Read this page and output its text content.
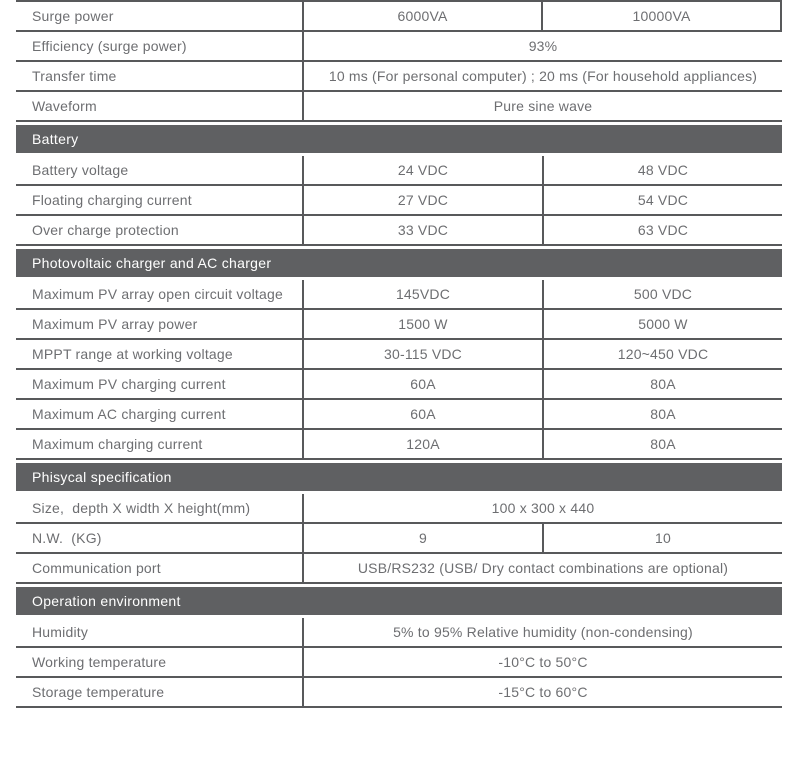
Surge power	6000VA	10000VA
Efficiency (surge power)	93%
Transfer time	10 ms (For personal computer) ; 20 ms (For household appliances)
Waveform	Pure sine wave
Battery
Battery voltage	24 VDC	48 VDC
Floating charging current	27 VDC	54 VDC
Over charge protection	33 VDC	63 VDC
Photovoltaic charger and AC charger
Maximum PV array open circuit voltage	145VDC	500 VDC
Maximum PV array power	1500 W	5000 W
MPPT range at working voltage	30-115 VDC	120~450 VDC
Maximum PV charging current	60A	80A
Maximum AC charging current	60A	80A
Maximum charging current	120A	80A
Phisycal specification
Size,  depth X width X height(mm)	100 x 300 x 440
N.W.  (KG)	9	10
Communication port	USB/RS232 (USB/ Dry contact combinations are optional)
Operation environment
Humidity	5% to 95% Relative humidity (non-condensing)
Working temperature	-10°C to 50°C
Storage temperature	-15°C to 60°C
